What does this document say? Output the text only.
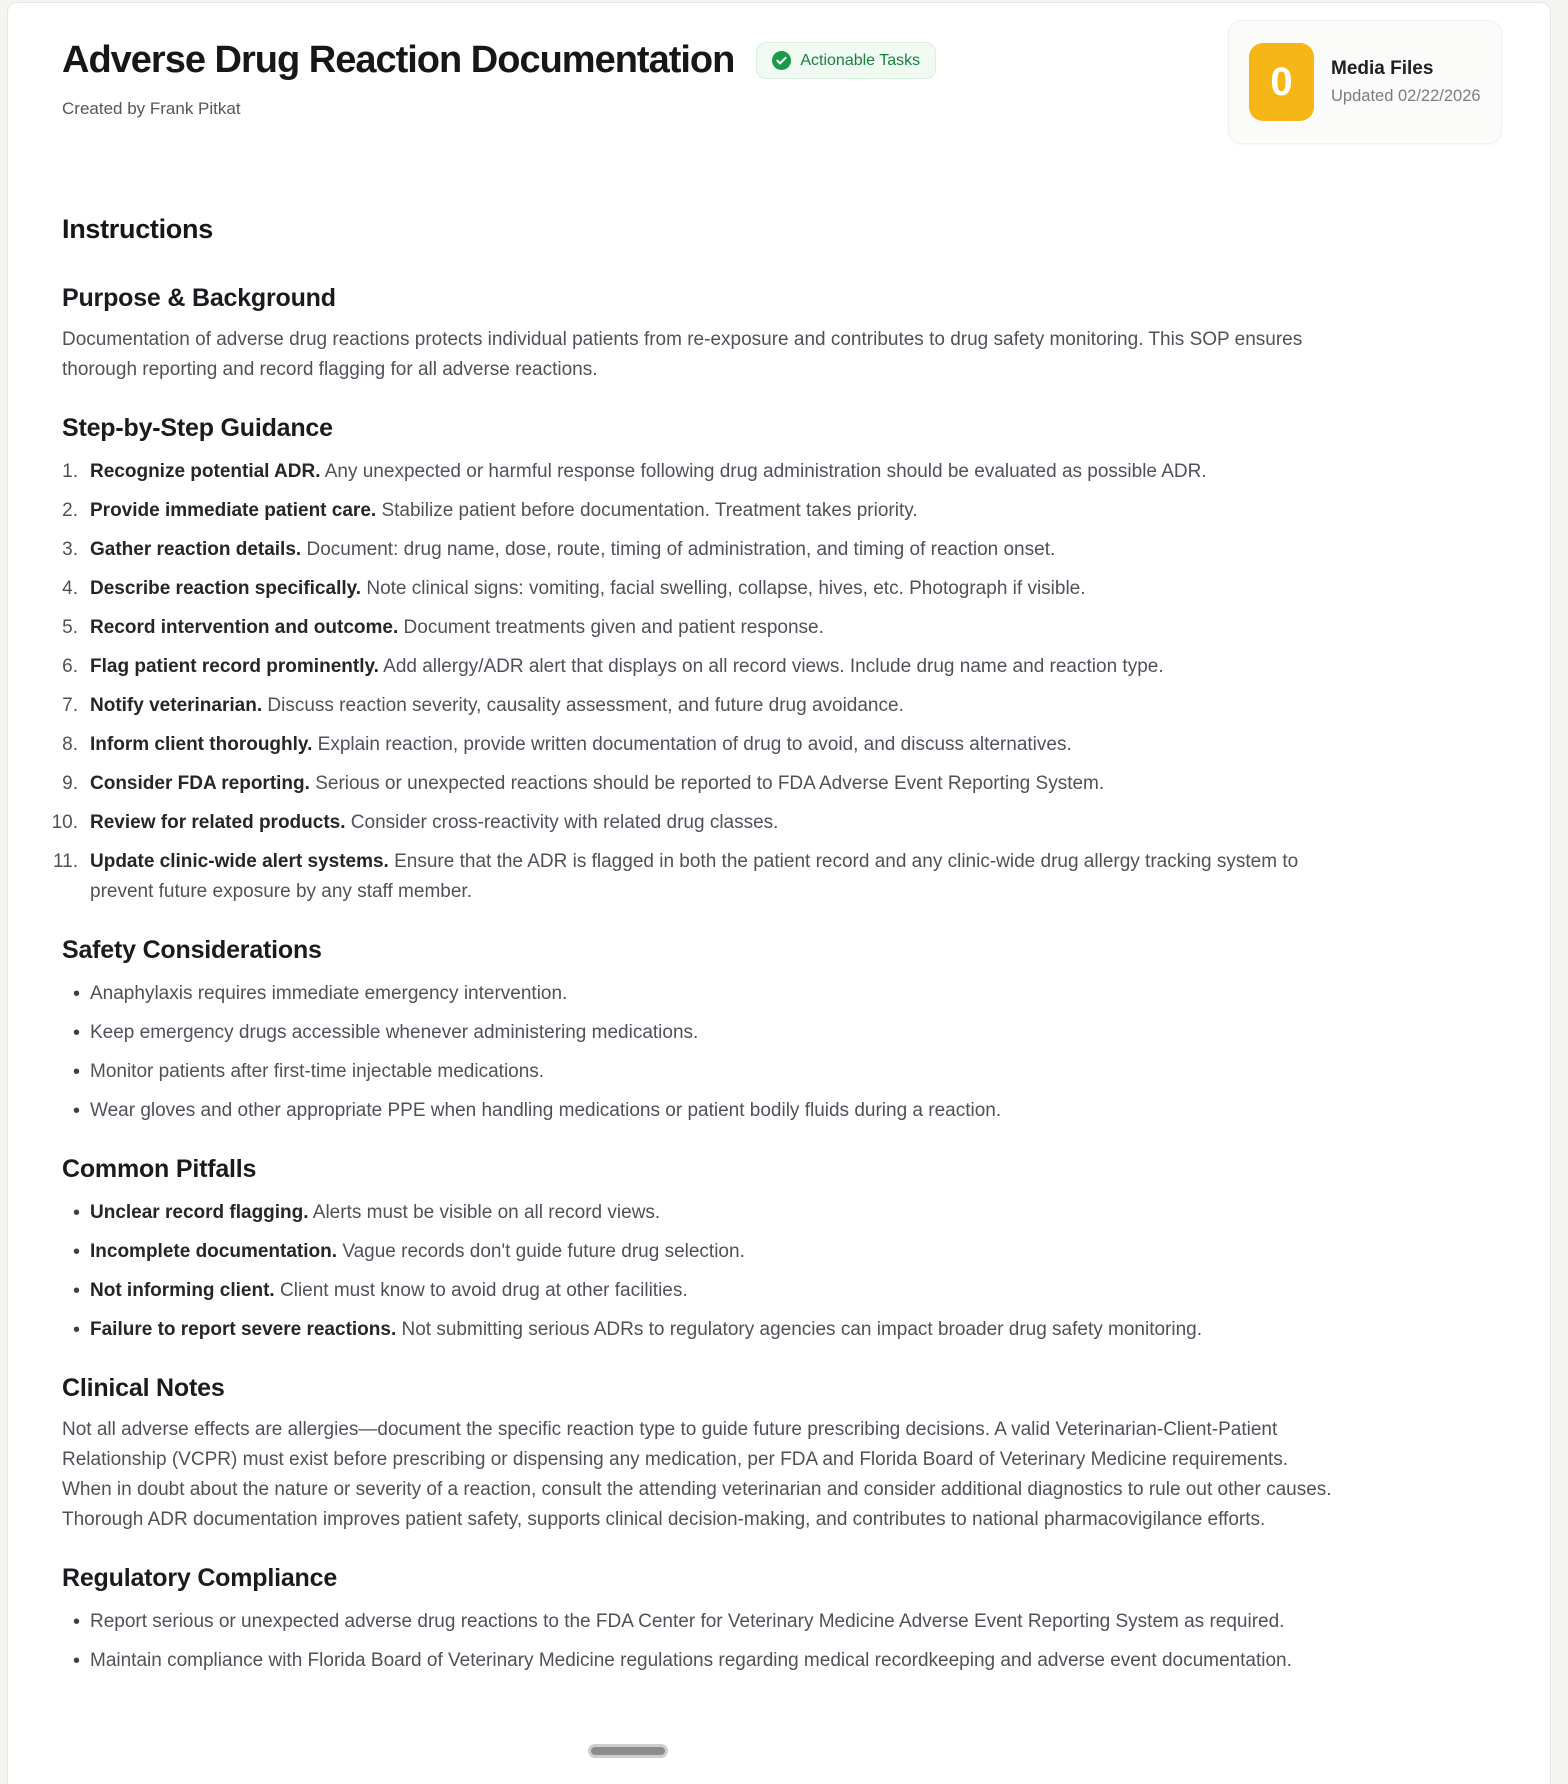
Adverse Drug Reaction Documentation	Actionable Tasks
Created by Frank Pitkat
0	Media Files
Updated 02/22/2026
Instructions
Purpose & Background

Documentation of adverse drug reactions protects individual patients from re-exposure and contributes to drug safety monitoring. This SOP ensures thorough reporting and record flagging for all adverse reactions.

Step-by-Step Guidance
Recognize potential ADR. Any unexpected or harmful response following drug administration should be evaluated as possible ADR.
Provide immediate patient care. Stabilize patient before documentation. Treatment takes priority.
Gather reaction details. Document: drug name, dose, route, timing of administration, and timing of reaction onset.
Describe reaction specifically. Note clinical signs: vomiting, facial swelling, collapse, hives, etc. Photograph if visible.
Record intervention and outcome. Document treatments given and patient response.
Flag patient record prominently. Add allergy/ADR alert that displays on all record views. Include drug name and reaction type.
Notify veterinarian. Discuss reaction severity, causality assessment, and future drug avoidance.
Inform client thoroughly. Explain reaction, provide written documentation of drug to avoid, and discuss alternatives.
Consider FDA reporting. Serious or unexpected reactions should be reported to FDA Adverse Event Reporting System.
Review for related products. Consider cross-reactivity with related drug classes.
Update clinic-wide alert systems. Ensure that the ADR is flagged in both the patient record and any clinic-wide drug allergy tracking system to prevent future exposure by any staff member.
Safety Considerations
• Anaphylaxis requires immediate emergency intervention.
• Keep emergency drugs accessible whenever administering medications.
• Monitor patients after first-time injectable medications.
• Wear gloves and other appropriate PPE when handling medications or patient bodily fluids during a reaction.
Common Pitfalls
• Unclear record flagging. Alerts must be visible on all record views.
• Incomplete documentation. Vague records don't guide future drug selection.
• Not informing client. Client must know to avoid drug at other facilities.
• Failure to report severe reactions. Not submitting serious ADRs to regulatory agencies can impact broader drug safety monitoring.
Clinical Notes

Not all adverse effects are allergies—document the specific reaction type to guide future prescribing decisions. A valid Veterinarian-Client-Patient Relationship (VCPR) must exist before prescribing or dispensing any medication, per FDA and Florida Board of Veterinary Medicine requirements. When in doubt about the nature or severity of a reaction, consult the attending veterinarian and consider additional diagnostics to rule out other causes. Thorough ADR documentation improves patient safety, supports clinical decision-making, and contributes to national pharmacovigilance efforts.

Regulatory Compliance
• Report serious or unexpected adverse drug reactions to the FDA Center for Veterinary Medicine Adverse Event Reporting System as required.
• Maintain compliance with Florida Board of Veterinary Medicine regulations regarding medical recordkeeping and adverse event documentation.
